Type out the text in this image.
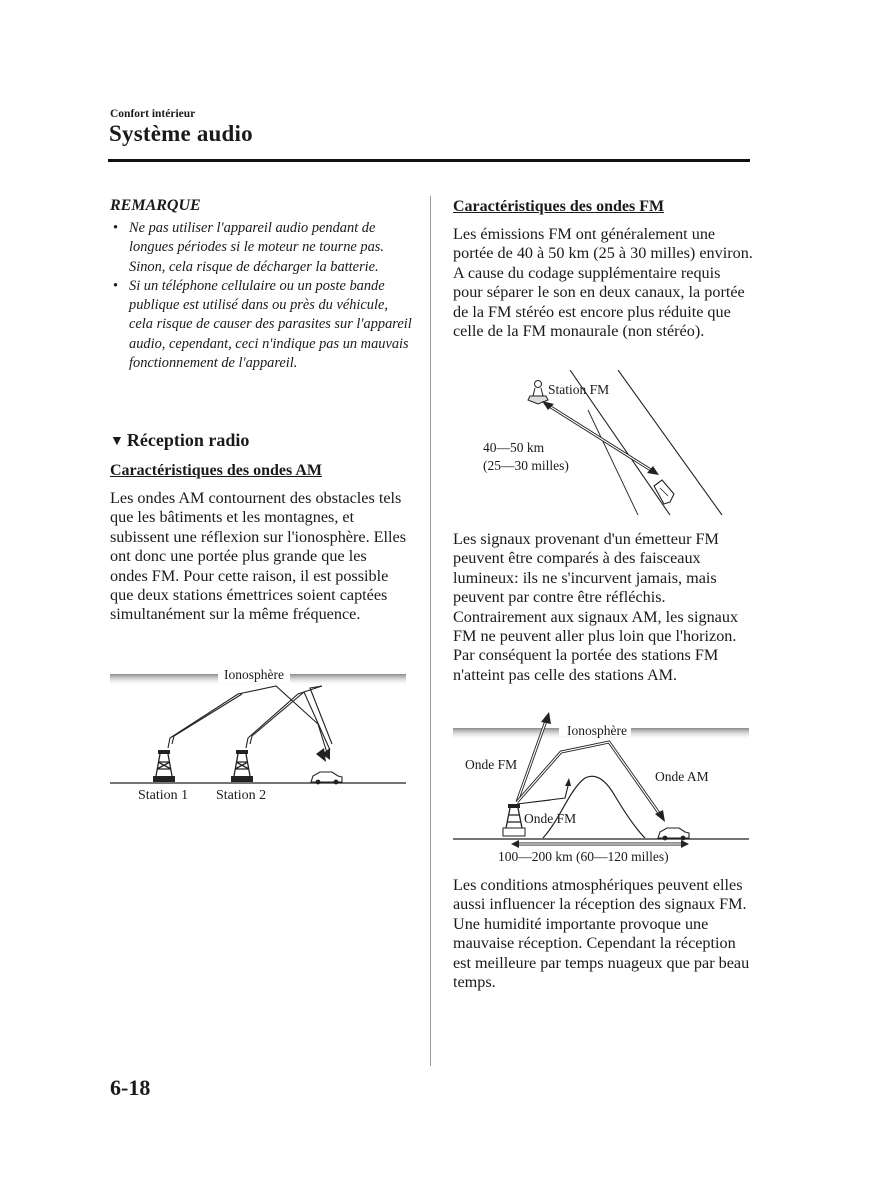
Confort intérieur
Système audio
REMARQUE
• Ne pas utiliser l'appareil audio pendant de longues périodes si le moteur ne tourne pas. Sinon, cela risque de décharger la batterie.
• Si un téléphone cellulaire ou un poste bande publique est utilisé dans ou près du véhicule, cela risque de causer des parasites sur l'appareil audio, cependant, ceci n'indique pas un mauvais fonctionnement de l'appareil.
▼ Réception radio
Caractéristiques des ondes AM

Les ondes AM contournent des obstacles tels que les bâtiments et les montagnes, et subissent une réflexion sur l'ionosphère. Elles ont donc une portée plus grande que les ondes FM. Pour cette raison, il est possible que deux stations émettrices soient captées simultanément sur la même fréquence.

Ionosphère
Station 1 Station 2
Caractéristiques des ondes FM

Les émissions FM ont généralement une portée de 40 à 50 km (25 à 30 milles) environ. A cause du codage supplémentaire requis pour séparer le son en deux canaux, la portée de la FM stéréo est encore plus réduite que celle de la FM monaurale (non stéréo).

Station FM
40—50 km
(25—30 milles)

Les signaux provenant d'un émetteur FM peuvent être comparés à des faisceaux lumineux: ils ne s'incurvent jamais, mais peuvent par contre être réfléchis. Contrairement aux signaux AM, les signaux FM ne peuvent aller plus loin que l'horizon. Par conséquent la portée des stations FM n'atteint pas celle des stations AM.

Ionosphère
Onde FM
Onde AM
Onde FM
100—200 km (60—120 milles)

Les conditions atmosphériques peuvent elles aussi influencer la réception des signaux FM. Une humidité importante provoque une mauvaise réception. Cependant la réception est meilleure par temps nuageux que par beau temps.

6-18
